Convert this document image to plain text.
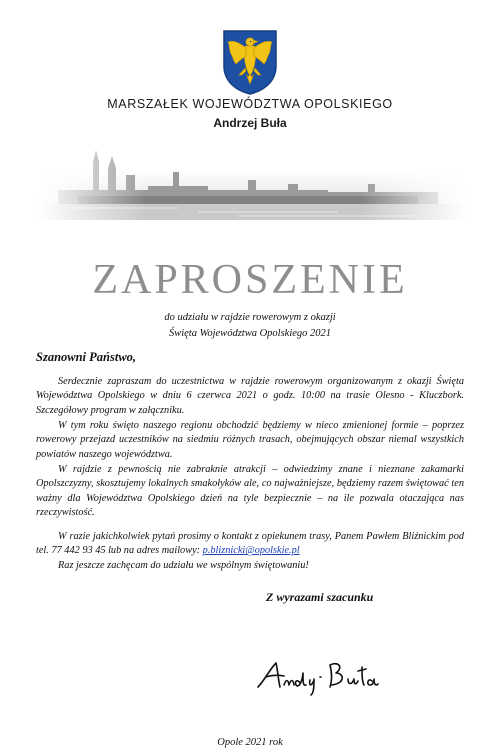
MARSZAŁEK WOJEWÓDZTWA OPOLSKIEGO
Andrzej Buła
ZAPROSZENIE
do udziału w rajdzie rowerowym z okazji
Święta Województwa Opolskiego 2021
Szanowni Państwo,

Serdecznie zapraszam do uczestnictwa w rajdzie rowerowym organizowanym z okazji Święta Województwa Opolskiego w dniu 6 czerwca 2021 o godz. 10:00 na trasie Olesno - Kluczbork. Szczegółowy program w załączniku.

W tym roku święto naszego regionu obchodzić będziemy w nieco zmienionej formie – poprzez rowerowy przejazd uczestników na siedmiu różnych trasach, obejmujących obszar niemal wszystkich powiatów naszego województwa.

W rajdzie z pewnością nie zabraknie atrakcji – odwiedzimy znane i nieznane zakamarki Opolszczyzny, skosztujemy lokalnych smakołyków ale, co najważniejsze, będziemy razem świętować ten ważny dla Województwa Opolskiego dzień na tyle bezpiecznie – na ile pozwala otaczająca nas rzeczywistość.

W razie jakichkolwiek pytań prosimy o kontakt z opiekunem trasy, Panem Pawłem Bliźnickim pod tel. 77 442 93 45 lub na adres mailowy: p.bliznicki@opolskie.pl

Raz jeszcze zachęcam do udziału we wspólnym świętowaniu!

Z wyrazami szacunku
Opole 2021 rok
